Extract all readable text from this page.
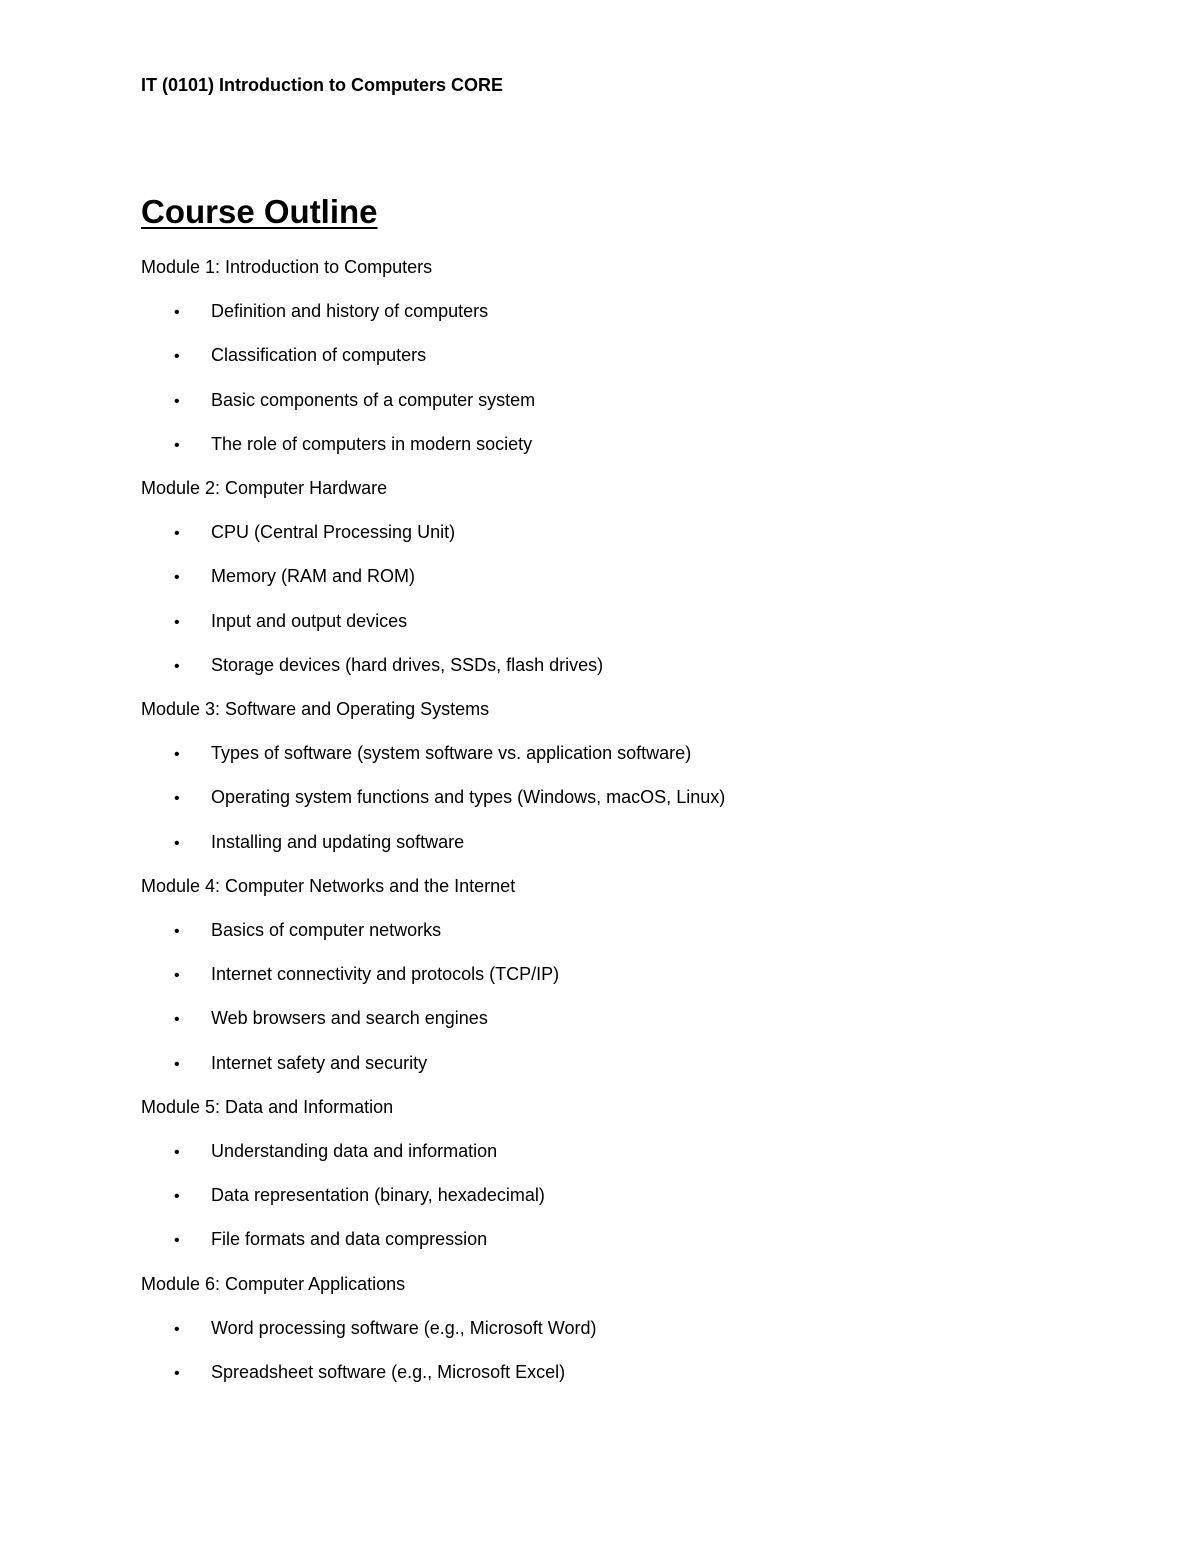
IT (0101) Introduction to Computers CORE
Course Outline
Module 1: Introduction to Computers
• Definition and history of computers
• Classification of computers
• Basic components of a computer system
• The role of computers in modern society
Module 2: Computer Hardware
• CPU (Central Processing Unit)
• Memory (RAM and ROM)
• Input and output devices
• Storage devices (hard drives, SSDs, flash drives)
Module 3: Software and Operating Systems
• Types of software (system software vs. application software)
• Operating system functions and types (Windows, macOS, Linux)
• Installing and updating software
Module 4: Computer Networks and the Internet
• Basics of computer networks
• Internet connectivity and protocols (TCP/IP)
• Web browsers and search engines
• Internet safety and security
Module 5: Data and Information
• Understanding data and information
• Data representation (binary, hexadecimal)
• File formats and data compression
Module 6: Computer Applications
• Word processing software (e.g., Microsoft Word)
• Spreadsheet software (e.g., Microsoft Excel)
